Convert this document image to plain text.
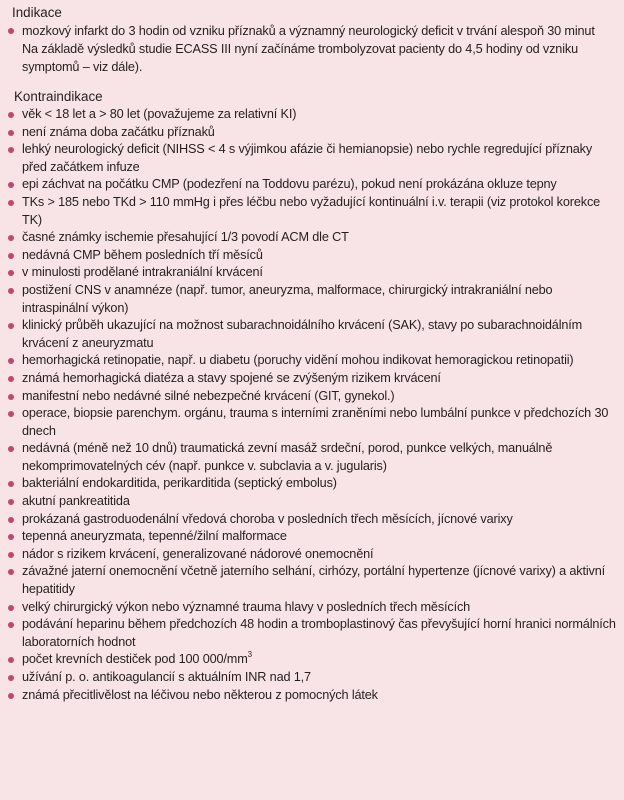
Indikace
mozkový infarkt do 3 hodin od vzniku příznaků a významný neurologický deficit v trvání alespoň 30 minut
Na základě výsledků studie ECASS III nyní začínáme trombolyzovat pacienty do 4,5 hodiny od vzniku symptomů – viz dále).
Kontraindikace
věk < 18 let a > 80 let (považujeme za relativní KI)
není známa doba začátku příznaků
lehký neurologický deficit (NIHSS < 4 s výjimkou afázie či hemianopsie) nebo rychle regredující příznaky před začátkem infuze
epi záchvat na počátku CMP (podezření na Toddovu parézu), pokud není prokázána okluze tepny
TKs > 185 nebo TKd > 110 mmHg i přes léčbu nebo vyžadující kontinuální i.v. terapii (viz protokol korekce TK)
časné známky ischemie přesahující 1/3 povodí ACM dle CT
nedávná CMP během posledních tří měsíců
v minulosti prodělané intrakraniální krvácení
postižení CNS v anamnéze (např. tumor, aneuryzma, malformace, chirurgický intrakraniální nebo intraspinální výkon)
klinický průběh ukazující na možnost subarachnoidálního krvácení (SAK), stavy po subarachnoidálním krvácení z aneuryzmatu
hemorhagická retinopatie, např. u diabetu (poruchy vidění mohou indikovat hemoragickou retinopatii)
známá hemorhagická diatéza a stavy spojené se zvýšeným rizikem krvácení
manifestní nebo nedávné silné nebezpečné krvácení (GIT, gynekol.)
operace, biopsie parenchym. orgánu, trauma s interními zraněními nebo lumbální punkce v předchozích 30 dnech
nedávná (méně než 10 dnů) traumatická zevní masáž srdeční, porod, punkce velkých, manuálně nekomprimovatelných cév (např. punkce v. subclavia a v. jugularis)
bakteriální endokarditida, perikarditida (septický embolus)
akutní pankreatitida
prokázaná gastroduodenální vředová choroba v posledních třech měsících, jícnové varixy
tepenná aneuryzmata, tepenné/žilní malformace
nádor s rizikem krvácení, generalizované nádorové onemocnění
závažné jaterní onemocnění včetně jaterního selhání, cirhózy, portální hypertenze (jícnové varixy) a aktivní hepatitidy
velký chirurgický výkon nebo významné trauma hlavy v posledních třech měsících
podávání heparinu během předchozích 48 hodin a tromboplastinový čas převyšující horní hranici normálních laboratorních hodnot
počet krevních destiček pod 100 $000/mm^3$
užívání p. o. antikoagulancií s aktuálním INR nad 1,7
známá přecitlivělost na léčivou nebo některou z pomocných látek
